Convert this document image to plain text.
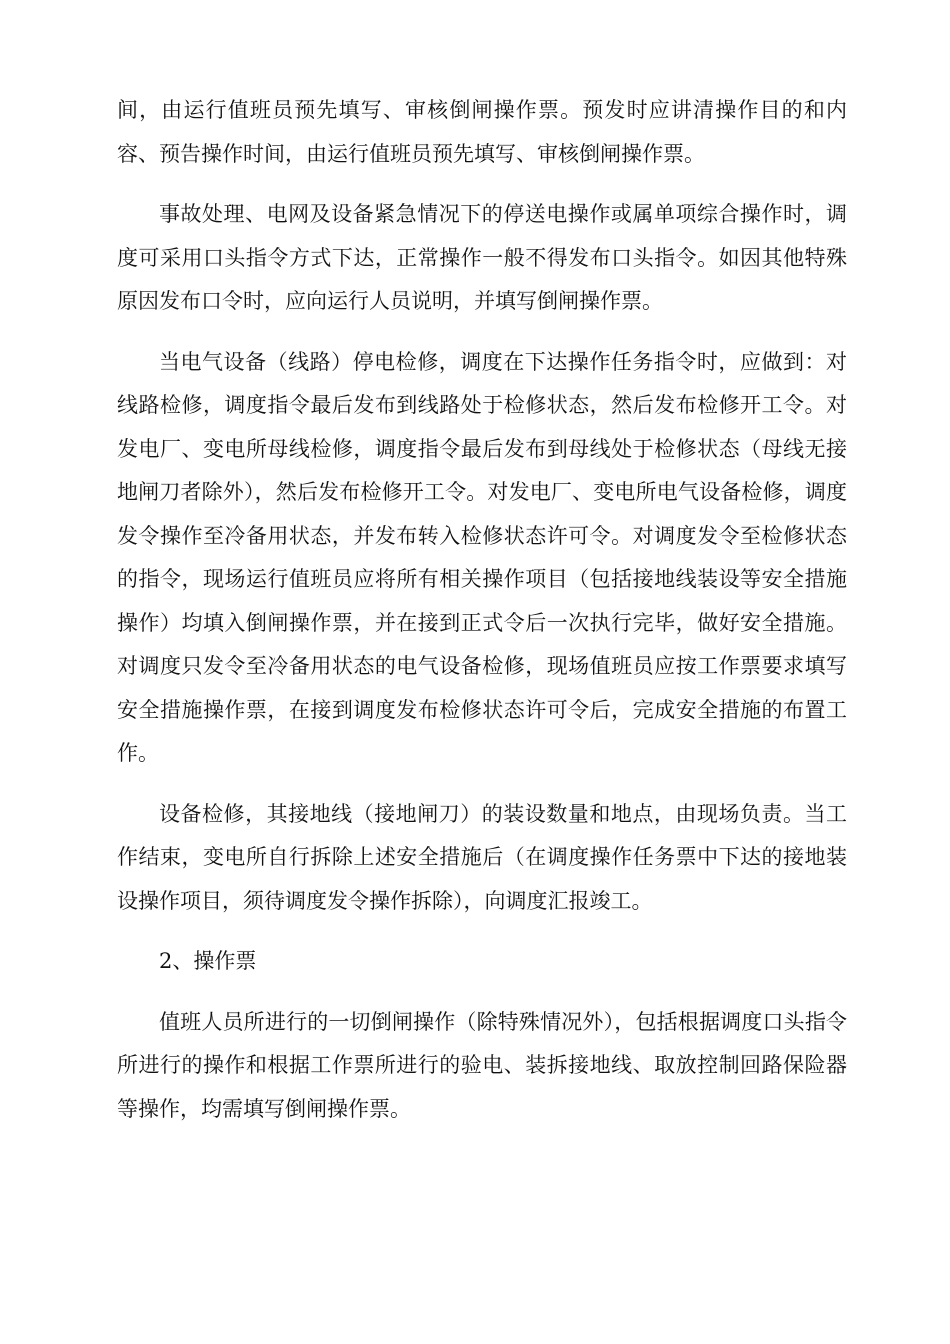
间，由运行值班员预先填写、审核倒闸操作票。预发时应讲清操作目的和内容、预告操作时间，由运行值班员预先填写、审核倒闸操作票。

事故处理、电网及设备紧急情况下的停送电操作或属单项综合操作时，调度可采用口头指令方式下达，正常操作一般不得发布口头指令。如因其他特殊原因发布口令时，应向运行人员说明，并填写倒闸操作票。

当电气设备（线路）停电检修，调度在下达操作任务指令时，应做到：对线路检修，调度指令最后发布到线路处于检修状态，然后发布检修开工令。对发电厂、变电所母线检修，调度指令最后发布到母线处于检修状态（母线无接地闸刀者除外），然后发布检修开工令。对发电厂、变电所电气设备检修，调度发令操作至冷备用状态，并发布转入检修状态许可令。对调度发令至检修状态的指令，现场运行值班员应将所有相关操作项目（包括接地线装设等安全措施操作）均填入倒闸操作票，并在接到正式令后一次执行完毕，做好安全措施。对调度只发令至冷备用状态的电气设备检修，现场值班员应按工作票要求填写安全措施操作票，在接到调度发布检修状态许可令后，完成安全措施的布置工作。

设备检修，其接地线（接地闸刀）的装设数量和地点，由现场负责。当工作结束，变电所自行拆除上述安全措施后（在调度操作任务票中下达的接地装设操作项目，须待调度发令操作拆除），向调度汇报竣工。

2、操作票

值班人员所进行的一切倒闸操作（除特殊情况外），包括根据调度口头指令所进行的操作和根据工作票所进行的验电、装拆接地线、取放控制回路保险器等操作，均需填写倒闸操作票。
